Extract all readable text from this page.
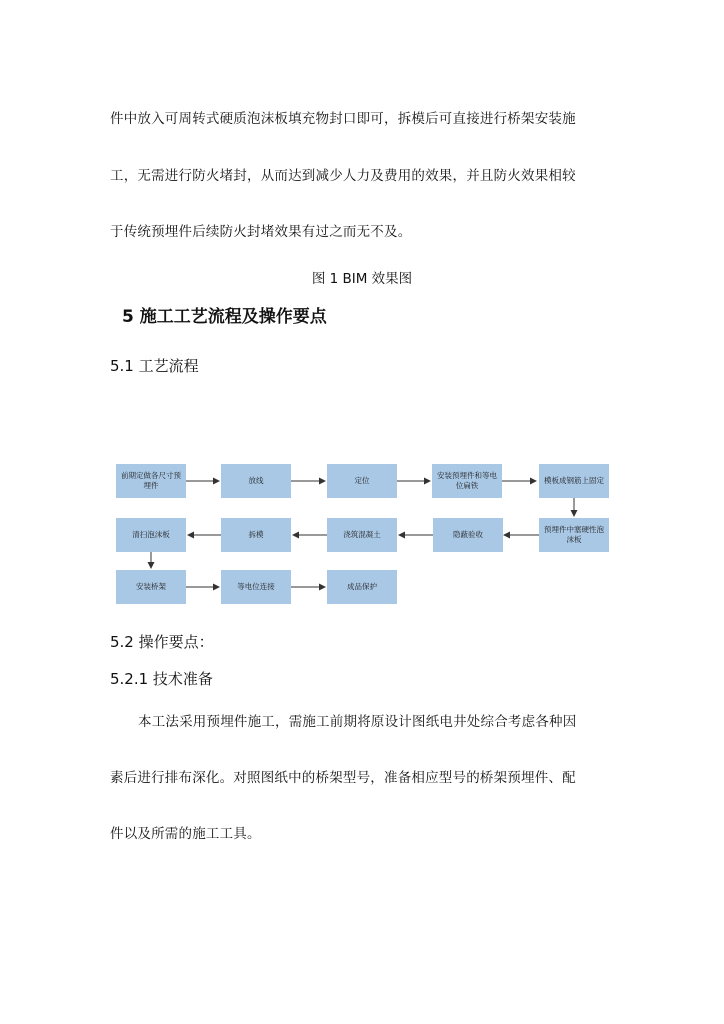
件中放入可周转式硬质泡沫板填充物封口即可，拆模后可直接进行桥架安装施
工，无需进行防火堵封，从而达到减少人力及费用的效果，并且防火效果相较
于传统预埋件后续防火封堵效果有过之而无不及。
图 1 BIM 效果图
5 施工工艺流程及操作要点
5.1 工艺流程
前期定做各尺寸预埋件
放线	定位
安装预埋件和等电位扁铁
模板成钢筋上固定
预埋件中塞硬性泡沫板
隐蔽验收
浇筑混凝土
拆模
清扫泡沫板
安装桥架	等电位连接	成品保护
5.2 操作要点：
5.2.1 技术准备
本工法采用预埋件施工，需施工前期将原设计图纸电井处综合考虑各种因
素后进行排布深化。对照图纸中的桥架型号，准备相应型号的桥架预埋件、配
件以及所需的施工工具。
